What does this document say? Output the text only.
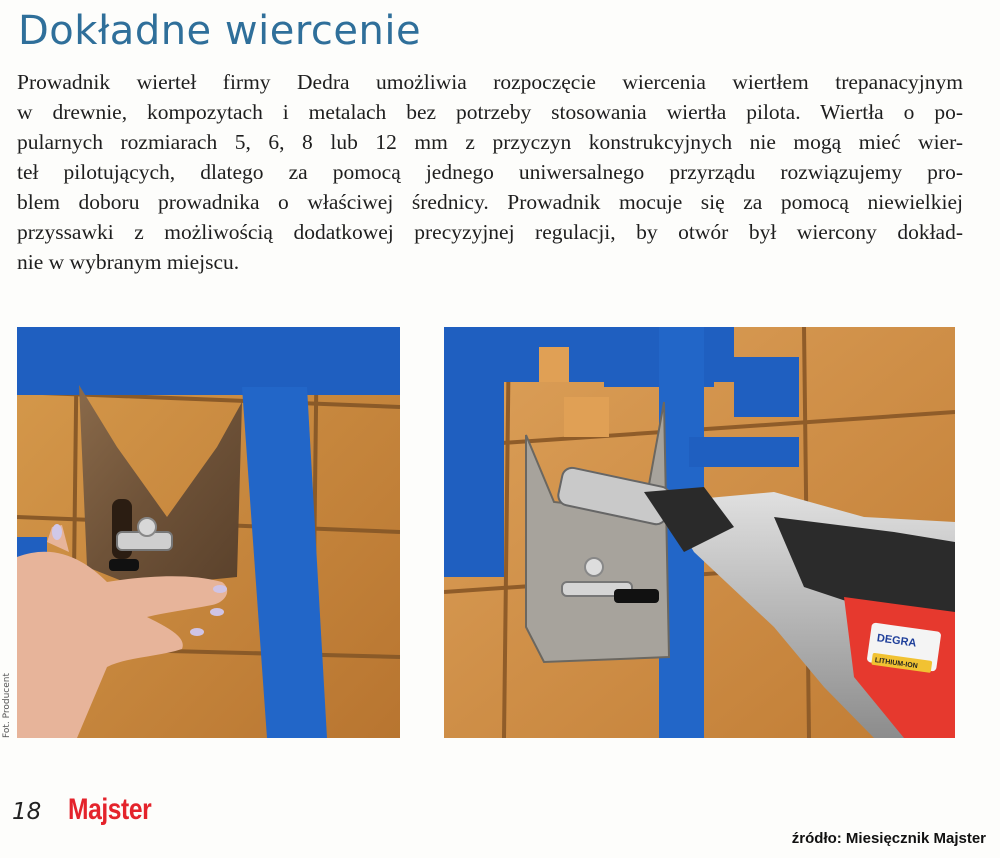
Dokładne wiercenie

Prowadnik wierteł firmy Dedra umożliwia rozpoczęcie wiercenia wiertłem trepanacyjnym
w drewnie, kompozytach i metalach bez potrzeby stosowania wiertła pilota. Wiertła o po-
pularnych rozmiarach 5, 6, 8 lub 12 mm z przyczyn konstrukcyjnych nie mogą mieć wier-
teł pilotujących, dlatego za pomocą jednego uniwersalnego przyrządu rozwiązujemy pro-
blem doboru prowadnika o właściwej średnicy. Prowadnik mocuje się za pomocą niewielkiej
przyssawki z możliwością dodatkowej precyzyjnej regulacji, by otwór był wiercony dokład-
nie w wybranym miejscu.

DEGRA
LITHIUM-ION
Fot. Producent
18 Majster
źródło: Miesięcznik Majster
